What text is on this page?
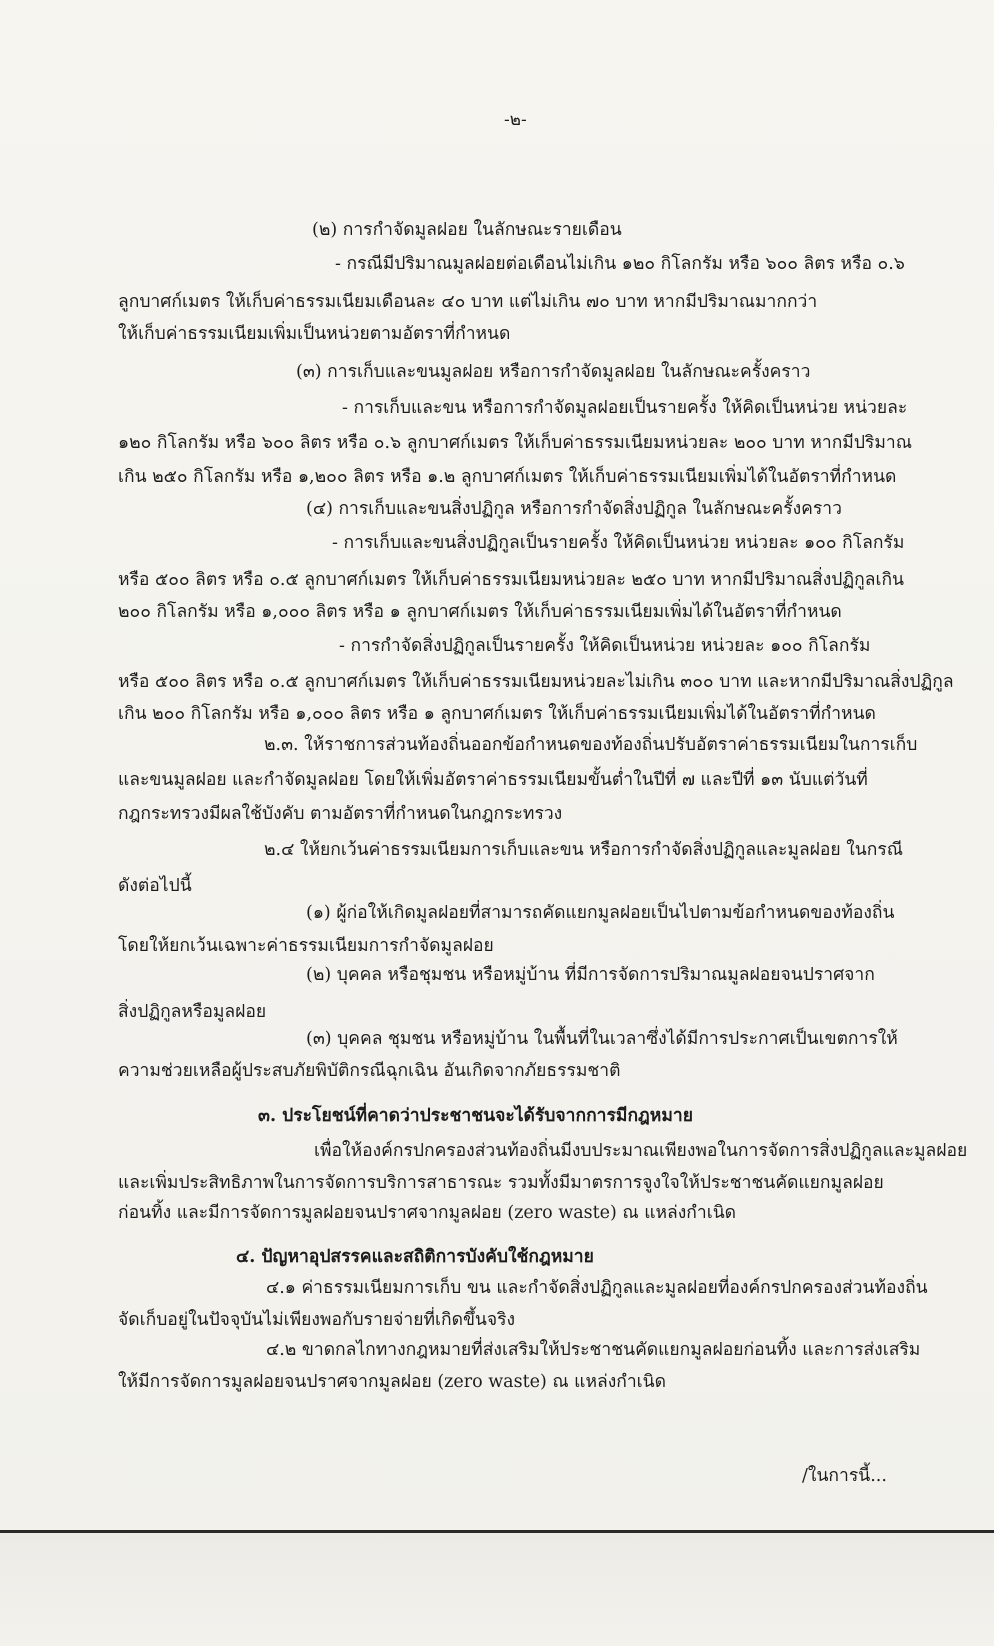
-๒-

(๒) การกำจัดมูลฝอย ในลักษณะรายเดือน

- กรณีมีปริมาณมูลฝอยต่อเดือนไม่เกิน ๑๒๐ กิโลกรัม หรือ ๖๐๐ ลิตร หรือ ๐.๖

ลูกบาศก์เมตร ให้เก็บค่าธรรมเนียมเดือนละ ๔๐ บาท แต่ไม่เกิน ๗๐ บาท หากมีปริมาณมากกว่า

ให้เก็บค่าธรรมเนียมเพิ่มเป็นหน่วยตามอัตราที่กำหนด

(๓) การเก็บและขนมูลฝอย หรือการกำจัดมูลฝอย ในลักษณะครั้งคราว

- การเก็บและขน หรือการกำจัดมูลฝอยเป็นรายครั้ง ให้คิดเป็นหน่วย หน่วยละ

๑๒๐ กิโลกรัม หรือ ๖๐๐ ลิตร หรือ ๐.๖ ลูกบาศก์เมตร ให้เก็บค่าธรรมเนียมหน่วยละ ๒๐๐ บาท หากมีปริมาณ

เกิน ๒๕๐ กิโลกรัม หรือ ๑,๒๐๐ ลิตร หรือ ๑.๒ ลูกบาศก์เมตร ให้เก็บค่าธรรมเนียมเพิ่มได้ในอัตราที่กำหนด

(๔) การเก็บและขนสิ่งปฏิกูล หรือการกำจัดสิ่งปฏิกูล ในลักษณะครั้งคราว

- การเก็บและขนสิ่งปฏิกูลเป็นรายครั้ง ให้คิดเป็นหน่วย หน่วยละ ๑๐๐ กิโลกรัม

หรือ ๕๐๐ ลิตร หรือ ๐.๕ ลูกบาศก์เมตร ให้เก็บค่าธรรมเนียมหน่วยละ ๒๕๐ บาท หากมีปริมาณสิ่งปฏิกูลเกิน

๒๐๐ กิโลกรัม หรือ ๑,๐๐๐ ลิตร หรือ ๑ ลูกบาศก์เมตร ให้เก็บค่าธรรมเนียมเพิ่มได้ในอัตราที่กำหนด

- การกำจัดสิ่งปฏิกูลเป็นรายครั้ง ให้คิดเป็นหน่วย หน่วยละ ๑๐๐ กิโลกรัม

หรือ ๕๐๐ ลิตร หรือ ๐.๕ ลูกบาศก์เมตร ให้เก็บค่าธรรมเนียมหน่วยละไม่เกิน ๓๐๐ บาท และหากมีปริมาณสิ่งปฏิกูล

เกิน ๒๐๐ กิโลกรัม หรือ ๑,๐๐๐ ลิตร หรือ ๑ ลูกบาศก์เมตร ให้เก็บค่าธรรมเนียมเพิ่มได้ในอัตราที่กำหนด

๒.๓. ให้ราชการส่วนท้องถิ่นออกข้อกำหนดของท้องถิ่นปรับอัตราค่าธรรมเนียมในการเก็บ

และขนมูลฝอย และกำจัดมูลฝอย โดยให้เพิ่มอัตราค่าธรรมเนียมขั้นต่ำในปีที่ ๗ และปีที่ ๑๓ นับแต่วันที่

กฎกระทรวงมีผลใช้บังคับ ตามอัตราที่กำหนดในกฎกระทรวง

๒.๔ ให้ยกเว้นค่าธรรมเนียมการเก็บและขน หรือการกำจัดสิ่งปฏิกูลและมูลฝอย ในกรณี

ดังต่อไปนี้

(๑) ผู้ก่อให้เกิดมูลฝอยที่สามารถคัดแยกมูลฝอยเป็นไปตามข้อกำหนดของท้องถิ่น

โดยให้ยกเว้นเฉพาะค่าธรรมเนียมการกำจัดมูลฝอย

(๒) บุคคล หรือชุมชน หรือหมู่บ้าน ที่มีการจัดการปริมาณมูลฝอยจนปราศจาก

สิ่งปฏิกูลหรือมูลฝอย

(๓) บุคคล ชุมชน หรือหมู่บ้าน ในพื้นที่ในเวลาซึ่งได้มีการประกาศเป็นเขตการให้

ความช่วยเหลือผู้ประสบภัยพิบัติกรณีฉุกเฉิน อันเกิดจากภัยธรรมชาติ

๓. ประโยชน์ที่คาดว่าประชาชนจะได้รับจากการมีกฎหมาย

เพื่อให้องค์กรปกครองส่วนท้องถิ่นมีงบประมาณเพียงพอในการจัดการสิ่งปฏิกูลและมูลฝอย

และเพิ่มประสิทธิภาพในการจัดการบริการสาธารณะ รวมทั้งมีมาตรการจูงใจให้ประชาชนคัดแยกมูลฝอย

ก่อนทิ้ง และมีการจัดการมูลฝอยจนปราศจากมูลฝอย (zero waste) ณ แหล่งกำเนิด

๔. ปัญหาอุปสรรคและสถิติการบังคับใช้กฎหมาย

๔.๑ ค่าธรรมเนียมการเก็บ ขน และกำจัดสิ่งปฏิกูลและมูลฝอยที่องค์กรปกครองส่วนท้องถิ่น

จัดเก็บอยู่ในปัจจุบันไม่เพียงพอกับรายจ่ายที่เกิดขึ้นจริง

๔.๒ ขาดกลไกทางกฎหมายที่ส่งเสริมให้ประชาชนคัดแยกมูลฝอยก่อนทิ้ง และการส่งเสริม

ให้มีการจัดการมูลฝอยจนปราศจากมูลฝอย (zero waste) ณ แหล่งกำเนิด

/ในการนี้...
